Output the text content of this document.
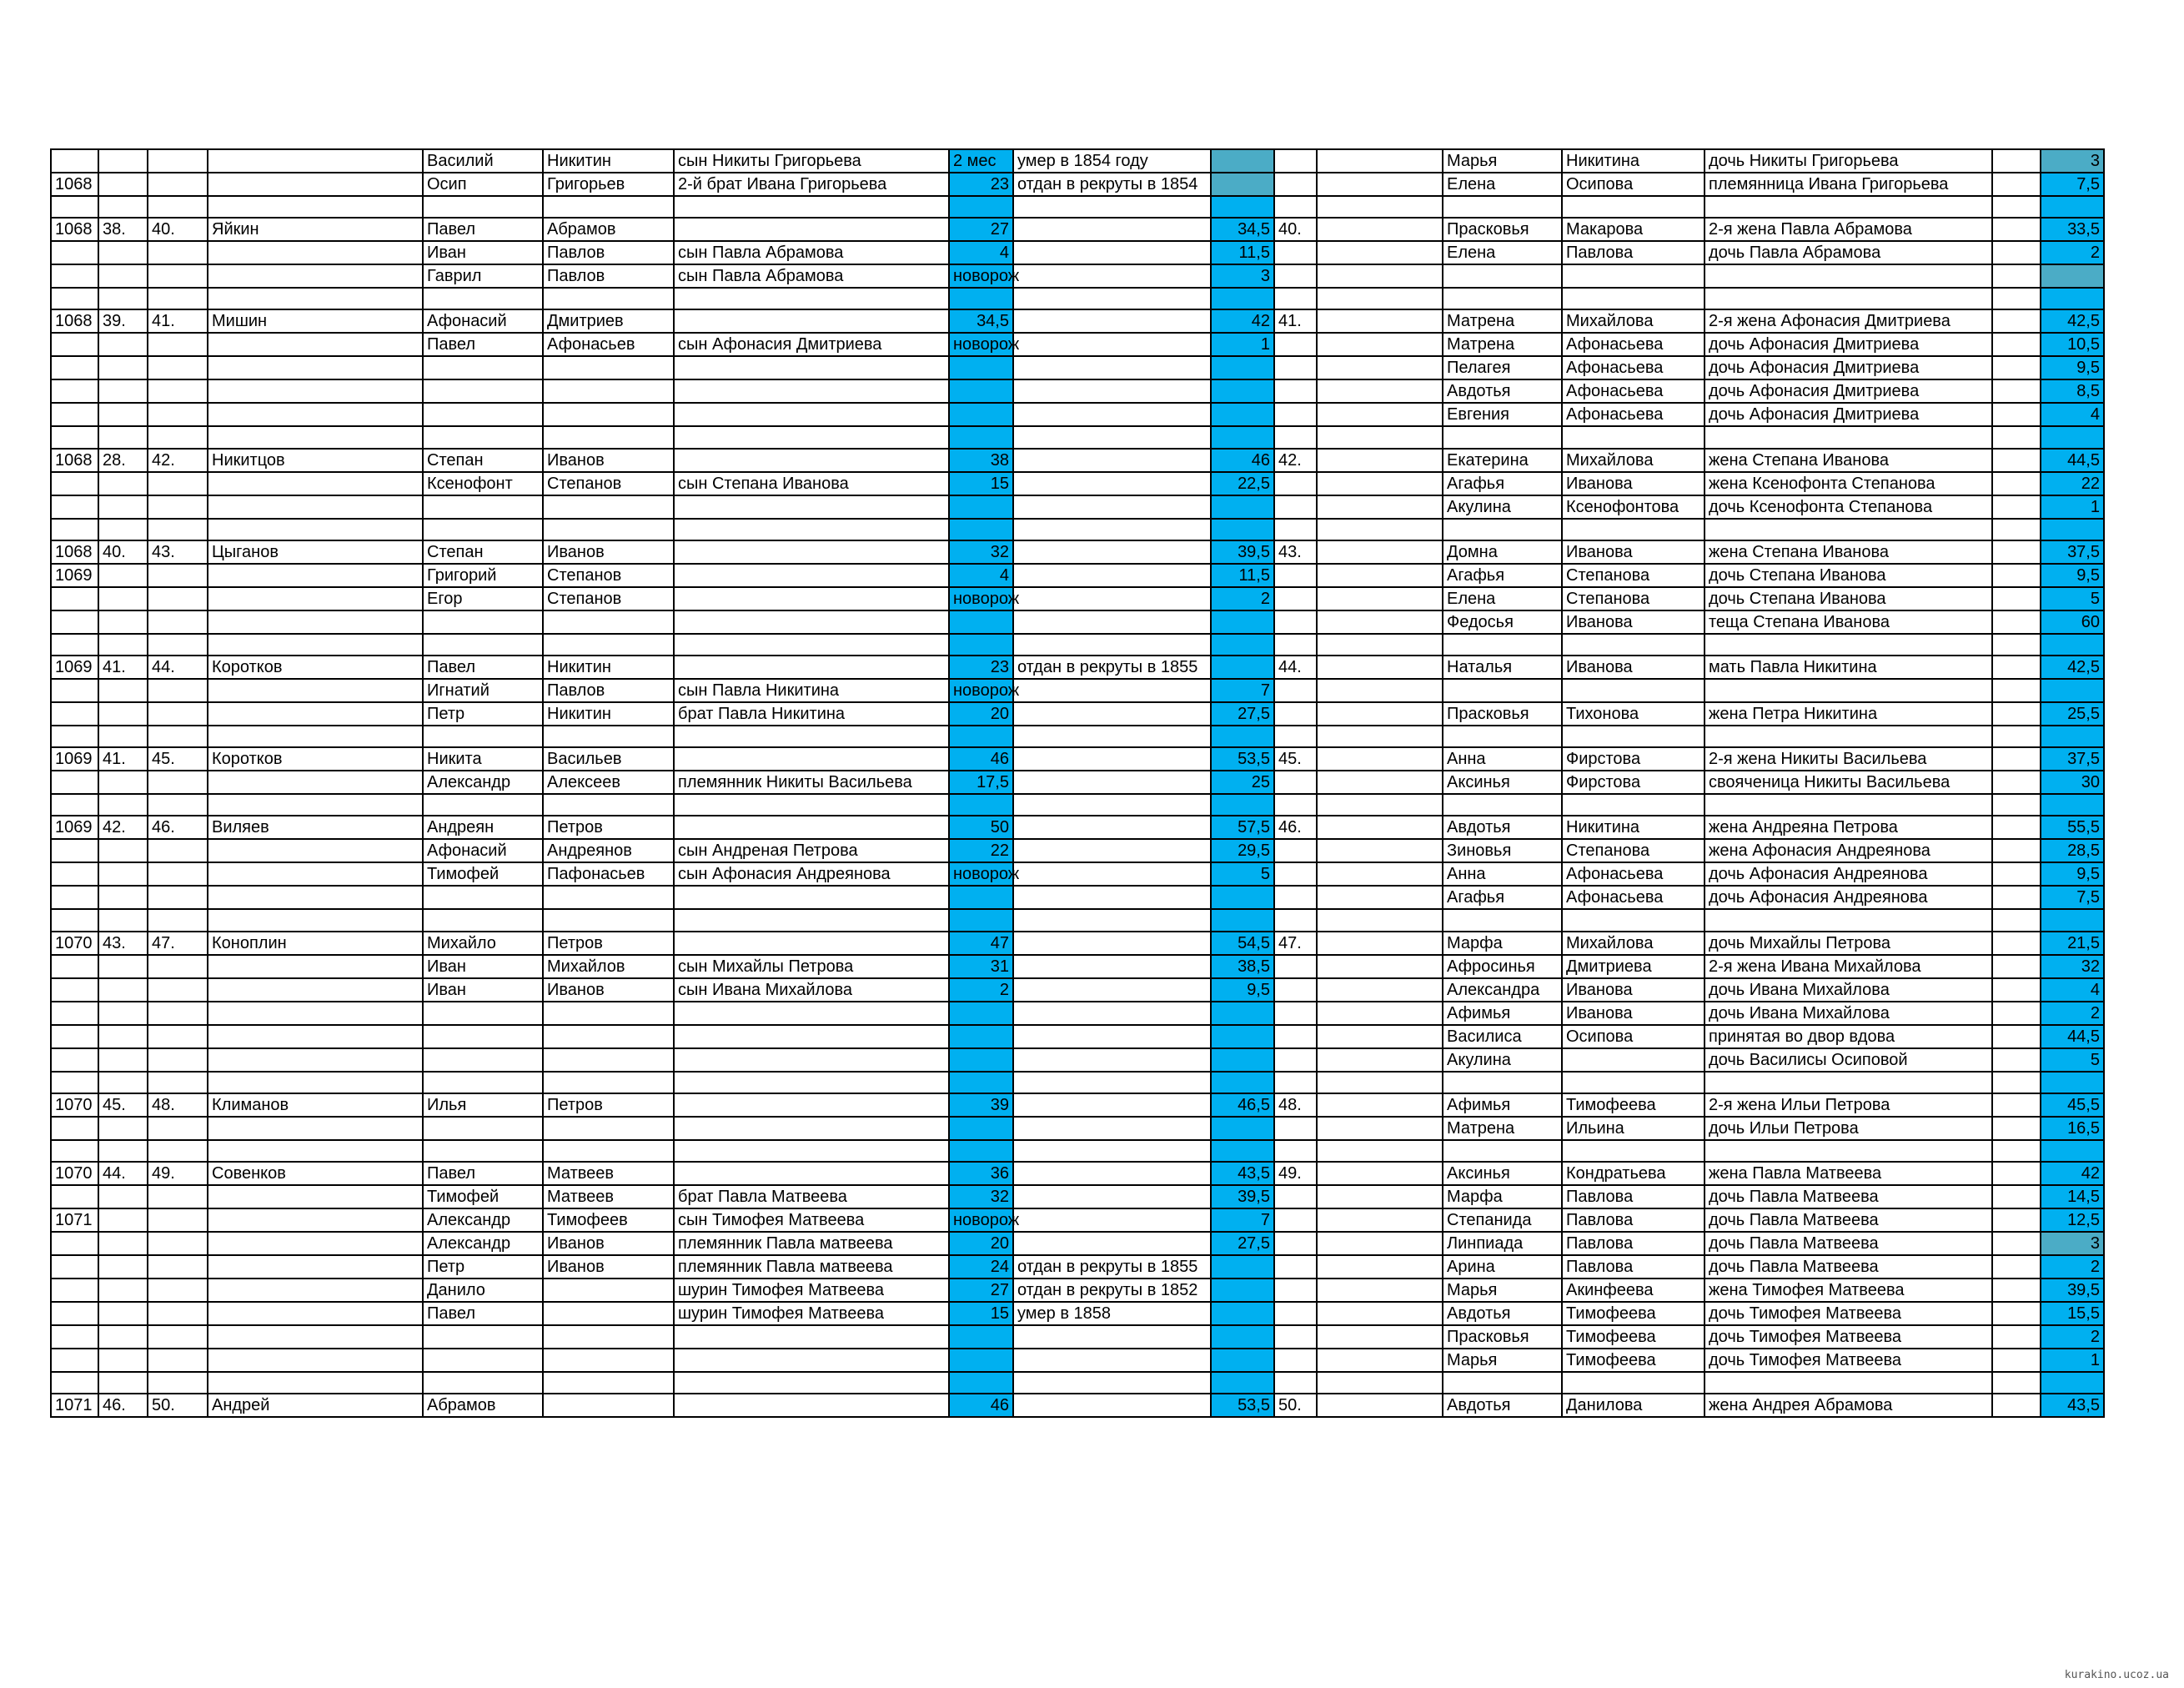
				Василий	Никитин	сын Никиты Григорьева	2 мес	умер в 1854 году				Марья	Никитина	дочь Никиты Григорьева		3
1068				Осип	Григорьев	2-й брат Ивана Григорьева	23	отдан в рекруты в 1854				Елена	Осипова	племянница Ивана Григорьева		7,5

1068	38.	40.	Яйкин	Павел	Абрамов		27		34,5	40.		Прасковья	Макарова	2-я жена Павла Абрамова		33,5
				Иван	Павлов	сын Павла Абрамова	4		11,5			Елена	Павлова	дочь Павла Абрамова		2
				Гаврил	Павлов	сын Павла Абрамова	новорож		3							

1068	39.	41.	Мишин	Афонасий	Дмитриев		34,5		42	41.		Матрена	Михайлова	2-я жена Афонасия Дмитриева		42,5
				Павел	Афонасьев	сын Афонасия Дмитриева	новорож		1			Матрена	Афонасьева	дочь Афонасия Дмитриева		10,5
												Пелагея	Афонасьева	дочь Афонасия Дмитриева		9,5
												Авдотья	Афонасьева	дочь Афонасия Дмитриева		8,5
												Евгения	Афонасьева	дочь Афонасия Дмитриева		4

1068	28.	42.	Никитцов	Степан	Иванов		38		46	42.		Екатерина	Михайлова	жена Степана Иванова		44,5
				Ксенофонт	Степанов	сын Степана Иванова	15		22,5			Агафья	Иванова	жена Ксенофонта Степанова		22
												Акулина	Ксенофонтова	дочь Ксенофонта Степанова		1

1068	40.	43.	Цыганов	Степан	Иванов		32		39,5	43.		Домна	Иванова	жена Степана Иванова		37,5
1069				Григорий	Степанов		4		11,5			Агафья	Степанова	дочь Степана Иванова		9,5
				Егор	Степанов		новорож		2			Елена	Степанова	дочь Степана Иванова		5
												Федосья	Иванова	теща Степана Иванова		60

1069	41.	44.	Коротков	Павел	Никитин		23	отдан в рекруты в 1855		44.		Наталья	Иванова	мать Павла Никитина		42,5
				Игнатий	Павлов	сын Павла Никитина	новорож		7							
				Петр	Никитин	брат Павла Никитина	20		27,5			Прасковья	Тихонова	жена Петра Никитина		25,5

1069	41.	45.	Коротков	Никита	Васильев		46		53,5	45.		Анна	Фирстова	2-я жена Никиты Васильева		37,5
				Александр	Алексеев	племянник Никиты Васильева	17,5		25			Аксинья	Фирстова	свояченица Никиты Васильева		30

1069	42.	46.	Виляев	Андреян	Петров		50		57,5	46.		Авдотья	Никитина	жена Андреяна Петрова		55,5
				Афонасий	Андреянов	сын Андреная Петрова	22		29,5			Зиновья	Степанова	жена Афонасия Андреянова		28,5
				Тимофей	Пафонасьев	сын Афонасия Андреянова	новорож		5			Анна	Афонасьева	дочь Афонасия Андреянова		9,5
												Агафья	Афонасьева	дочь Афонасия Андреянова		7,5

1070	43.	47.	Коноплин	Михайло	Петров		47		54,5	47.		Марфа	Михайлова	дочь Михайлы Петрова		21,5
				Иван	Михайлов	сын Михайлы Петрова	31		38,5			Афросинья	Дмитриева	2-я жена Ивана Михайлова		32
				Иван	Иванов	сын Ивана Михайлова	2		9,5			Александра	Иванова	дочь Ивана Михайлова		4
												Афимья	Иванова	дочь Ивана Михайлова		2
												Василиса	Осипова	принятая во двор вдова		44,5
												Акулина		дочь Василисы Осиповой		5

1070	45.	48.	Климанов	Илья	Петров		39		46,5	48.		Афимья	Тимофеева	2-я жена Ильи Петрова		45,5
												Матрена	Ильина	дочь Ильи Петрова		16,5

1070	44.	49.	Совенков	Павел	Матвеев		36		43,5	49.		Аксинья	Кондратьева	жена Павла Матвеева		42
				Тимофей	Матвеев	брат Павла Матвеева	32		39,5			Марфа	Павлова	дочь Павла Матвеева		14,5
1071				Александр	Тимофеев	сын Тимофея Матвеева	новорож		7			Степанида	Павлова	дочь Павла Матвеева		12,5
				Александр	Иванов	племянник Павла матвеева	20		27,5			Линпиада	Павлова	дочь Павла Матвеева		3
				Петр	Иванов	племянник Павла матвеева	24	отдан в рекруты в 1855				Арина	Павлова	дочь Павла Матвеева		2
				Данило		шурин Тимофея Матвеева	27	отдан в рекруты в 1852				Марья	Акинфеева	жена Тимофея Матвеева		39,5
				Павел		шурин Тимофея Матвеева	15	умер в 1858				Авдотья	Тимофеева	дочь Тимофея Матвеева		15,5
												Прасковья	Тимофеева	дочь Тимофея Матвеева		2
												Марья	Тимофеева	дочь Тимофея Матвеева		1

1071	46.	50.	Андрей	Абрамов			46		53,5	50.		Авдотья	Данилова	жена Андрея Абрамова		43,5
kurakino.ucoz.ua
